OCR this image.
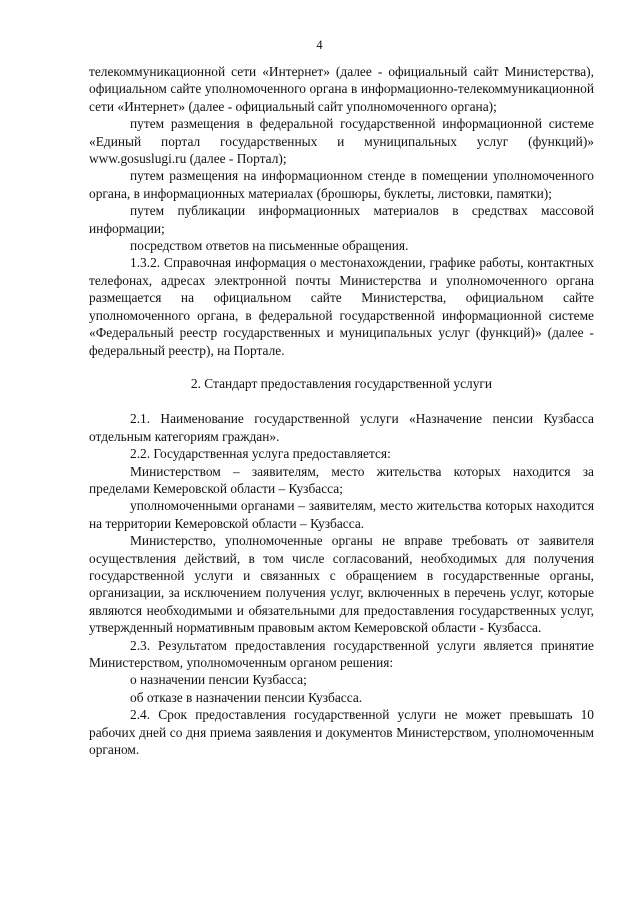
4

телекоммуникационной сети «Интернет» (далее - официальный сайт Министерства), официальном сайте уполномоченного органа в информационно-телекоммуникационной сети «Интернет» (далее - официальный сайт уполномоченного органа);

путем размещения в федеральной государственной информационной системе «Единый портал государственных и муниципальных услуг (функций)» www.gosuslugi.ru (далее - Портал);

путем размещения на информационном стенде в помещении уполномоченного органа, в информационных материалах (брошюры, буклеты, листовки, памятки);

путем публикации информационных материалов в средствах массовой информации;

посредством ответов на письменные обращения.

1.3.2. Справочная информация о местонахождении, графике работы, контактных телефонах, адресах электронной почты Министерства и уполномоченного органа размещается на официальном сайте Министерства, официальном сайте уполномоченного органа, в федеральной государственной информационной системе «Федеральный реестр государственных и муниципальных услуг (функций)» (далее - федеральный реестр), на Портале.

2. Стандарт предоставления государственной услуги

2.1. Наименование государственной услуги «Назначение пенсии Кузбасса отдельным категориям граждан».

2.2. Государственная услуга предоставляется:

Министерством – заявителям, место жительства которых находится за пределами Кемеровской области – Кузбасса;

уполномоченными органами – заявителям, место жительства которых находится на территории Кемеровской области – Кузбасса.

Министерство, уполномоченные органы не вправе требовать от заявителя осуществления действий, в том числе согласований, необходимых для получения государственной услуги и связанных с обращением в государственные органы, организации, за исключением получения услуг, включенных в перечень услуг, которые являются необходимыми и обязательными для предоставления государственных услуг, утвержденный нормативным правовым актом Кемеровской области - Кузбасса.

2.3. Результатом предоставления государственной услуги является принятие Министерством, уполномоченным органом решения:

о назначении пенсии Кузбасса;

об отказе в назначении пенсии Кузбасса.

2.4. Срок предоставления государственной услуги не может превышать 10 рабочих дней со дня приема заявления и документов Министерством, уполномоченным органом.
